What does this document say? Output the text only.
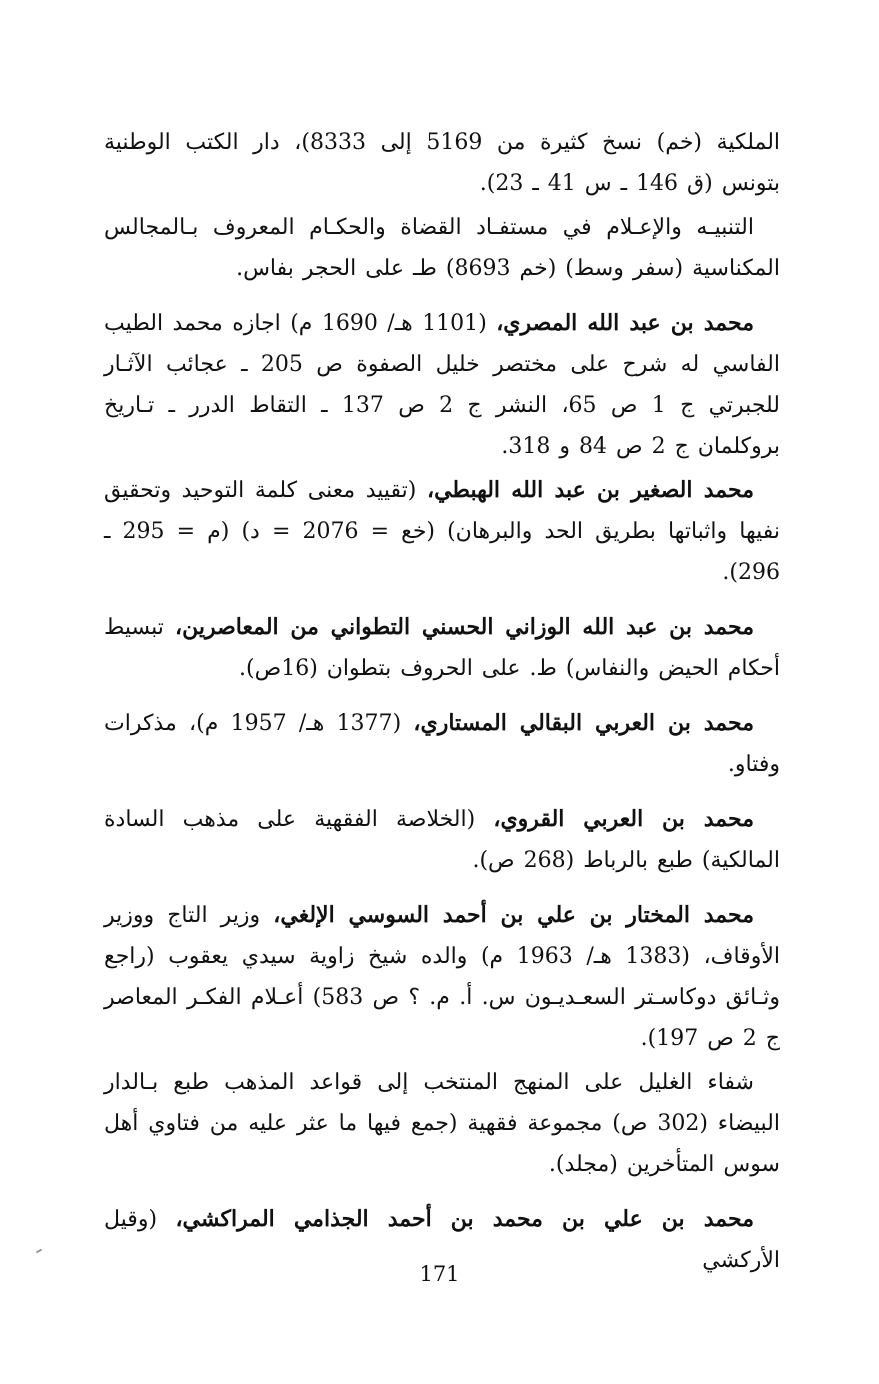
الملكية (خم) نسخ كثيرة من 5169 إلى 8333)، دار الكتب الوطنية بتونس (ق 146 ـ س 41 ـ 23).

التنبيـه والإعـلام في مستفـاد القضاة والحكـام المعروف بـالمجالس المكناسية (سفر وسط) (خم 8693) طـ على الحجر بفاس.

محمد بن عبد الله المصري، (1101 هـ/ 1690 م) اجازه محمد الطيب الفاسي له شرح على مختصر خليل الصفوة ص 205 ـ عجائب الآثـار للجبرتي ج 1 ص 65، النشر ج 2 ص 137 ـ التقاط الدرر ـ تـاريخ بروكلمان ج 2 ص 84 و 318.

محمد الصغير بن عبد الله الهبطي، (تقييد معنى كلمة التوحيد وتحقيق نفيها واثباتها بطريق الحد والبرهان) (خع = 2076 = د) (م = 295 ـ 296).

محمد بن عبد الله الوزاني الحسني التطواني من المعاصرين، تبسيط أحكام الحيض والنفاس) ط. على الحروف بتطوان (16ص).

محمد بن العربي البقالي المستاري، (1377 هـ/ 1957 م)، مذكرات وفتاو.

محمد بن العربي القروي، (الخلاصة الفقهية على مذهب السادة المالكية) طبع بالرباط (268 ص).

محمد المختار بن علي بن أحمد السوسي الإلغي، وزير التاج ووزير الأوقاف، (1383 هـ/ 1963 م) والده شيخ زاوية سيدي يعقوب (راجع وثـائق دوكاسـتر السعـديـون س. أ. م. ؟ ص 583) أعـلام الفكـر المعاصر ج 2 ص 197).

شفاء الغليل على المنهج المنتخب إلى قواعد المذهب طبع بـالدار البيضاء (302 ص) مجموعة فقهية (جمع فيها ما عثر عليه من فتاوي أهل سوس المتأخرين (مجلد).

محمد بن علي بن محمد بن أحمد الجذامي المراكشي، (وقيل الأركشي

171
